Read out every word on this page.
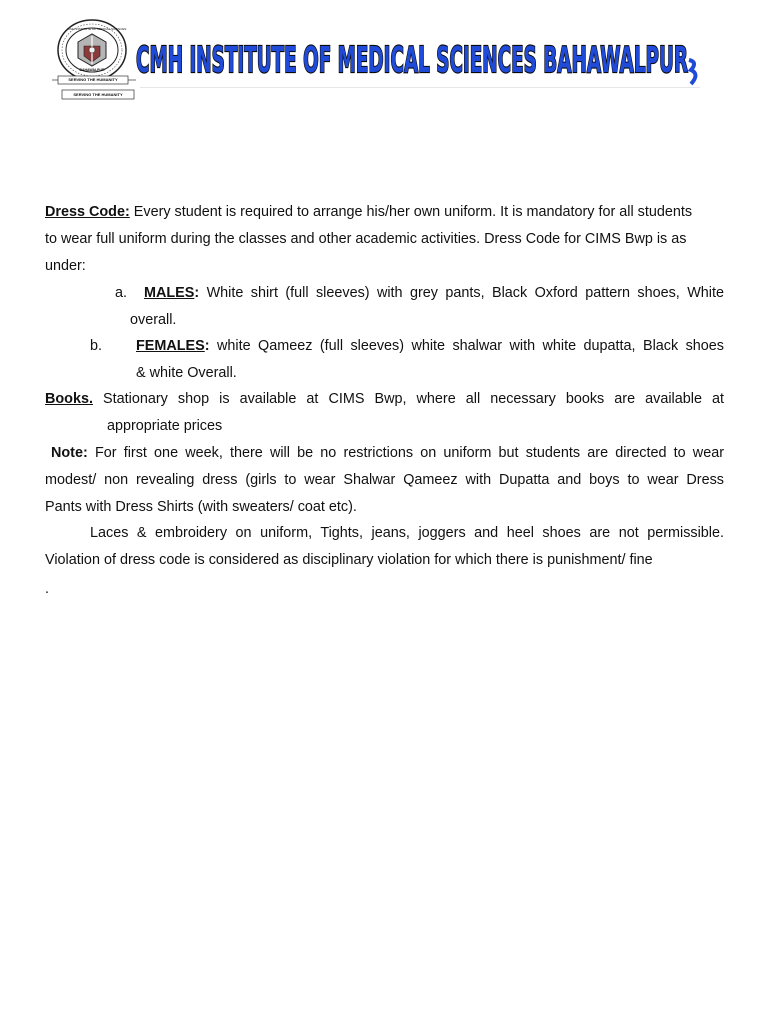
SERVING THE HUMANITY
SERVING THE HUMANITY
CMH INSTITUTE OF MEDICAL SCIENCES
BAHAWALPUR CMH INSTITUTE OF MEDICAL SCIENCES BAHAWALPUR

Dress Code: Every student is required to arrange his/her own uniform. It is mandatory for all students

to wear full uniform during the classes and other academic activities. Dress Code for CIMS Bwp is as

under:

a. MALES: White shirt (full sleeves) with grey pants, Black Oxford pattern shoes, White

overall.

b. FEMALES: white Qameez (full sleeves) white shalwar with white dupatta, Black shoes

& white Overall.

Books. Stationary shop is available at CIMS Bwp, where all necessary books are available at

appropriate prices

Note: For first one week, there will be no restrictions on uniform but students are directed to wear

modest/ non revealing dress (girls to wear Shalwar Qameez with Dupatta and boys to wear Dress

Pants with Dress Shirts (with sweaters/ coat etc).

Laces & embroidery on uniform, Tights, jeans, joggers and heel shoes are not permissible.

Violation of dress code is considered as disciplinary violation for which there is punishment/ fine

.
